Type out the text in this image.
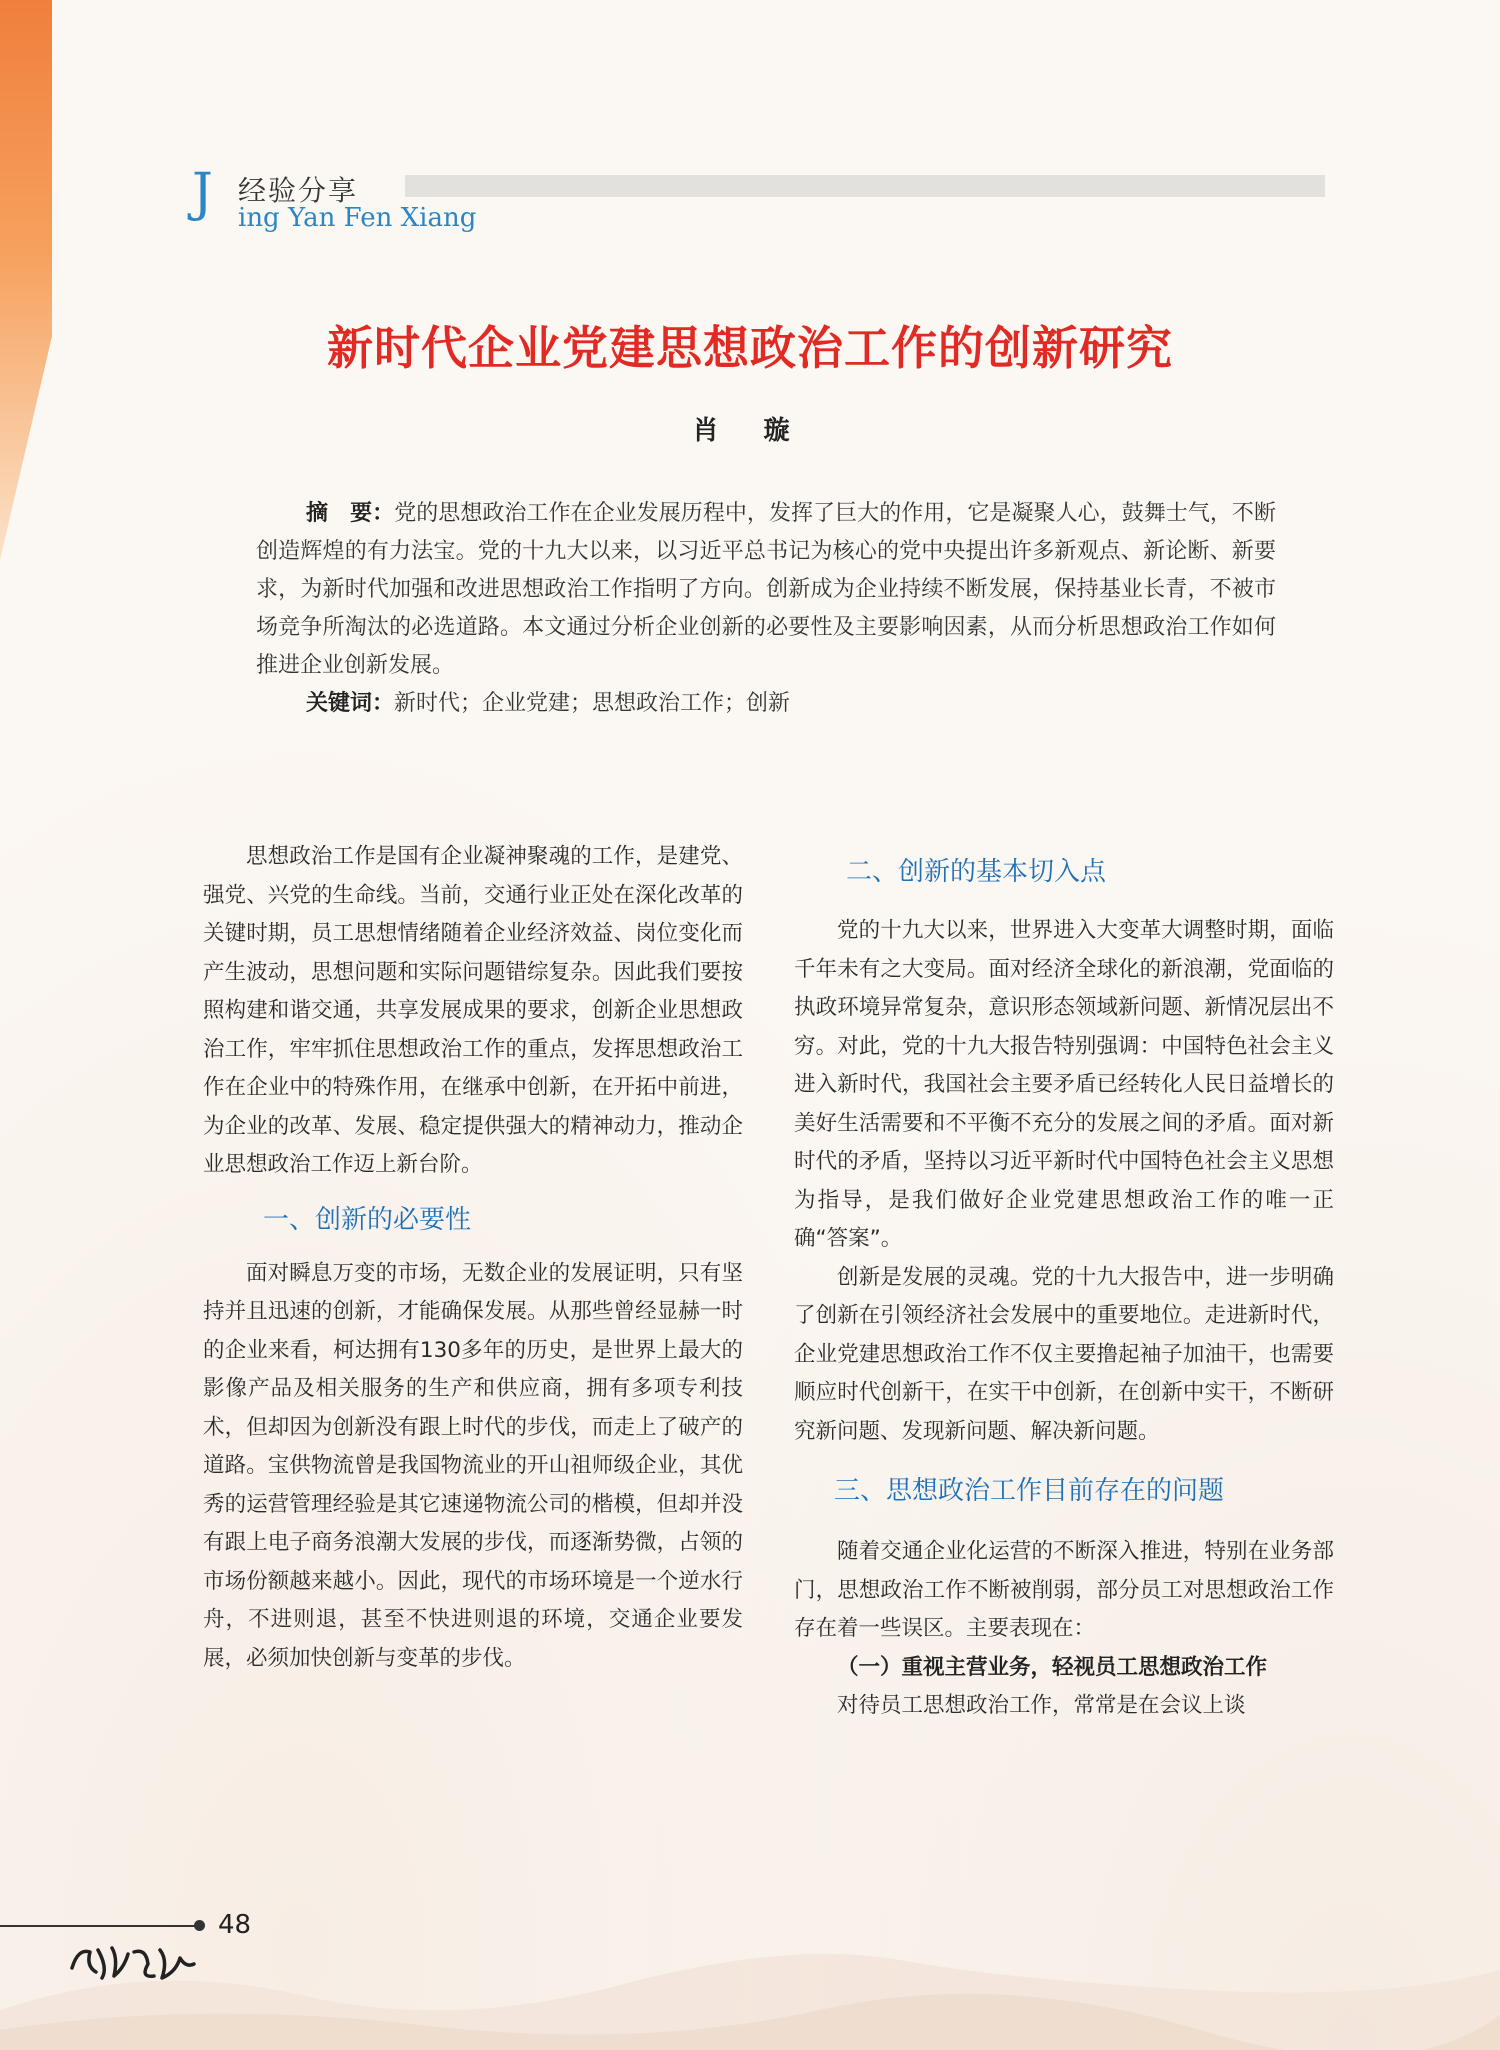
J 经验分享
ing Yan Fen Xiang
新时代企业党建思想政治工作的创新研究
肖 璇

摘　要：党的思想政治工作在企业发展历程中，发挥了巨大的作用，它是凝聚人心，鼓舞士气，不断创造辉煌的有力法宝。党的十九大以来，以习近平总书记为核心的党中央提出许多新观点、新论断、新要求，为新时代加强和改进思想政治工作指明了方向。创新成为企业持续不断发展，保持基业长青，不被市场竞争所淘汰的必选道路。本文通过分析企业创新的必要性及主要影响因素，从而分析思想政治工作如何推进企业创新发展。

关键词：新时代；企业党建；思想政治工作；创新

思想政治工作是国有企业凝神聚魂的工作，是建党、强党、兴党的生命线。当前，交通行业正处在深化改革的关键时期，员工思想情绪随着企业经济效益、岗位变化而产生波动，思想问题和实际问题错综复杂。因此我们要按照构建和谐交通，共享发展成果的要求，创新企业思想政治工作，牢牢抓住思想政治工作的重点，发挥思想政治工作在企业中的特殊作用，在继承中创新，在开拓中前进，为企业的改革、发展、稳定提供强大的精神动力，推动企业思想政治工作迈上新台阶。

一、创新的必要性

面对瞬息万变的市场，无数企业的发展证明，只有坚持并且迅速的创新，才能确保发展。从那些曾经显赫一时的企业来看，柯达拥有130多年的历史，是世界上最大的影像产品及相关服务的生产和供应商，拥有多项专利技术，但却因为创新没有跟上时代的步伐，而走上了破产的道路。宝供物流曾是我国物流业的开山祖师级企业，其优秀的运营管理经验是其它速递物流公司的楷模，但却并没有跟上电子商务浪潮大发展的步伐，而逐渐势微，占领的市场份额越来越小。因此，现代的市场环境是一个逆水行舟，不进则退，甚至不快进则退的环境，交通企业要发展，必须加快创新与变革的步伐。

二、创新的基本切入点

党的十九大以来，世界进入大变革大调整时期，面临千年未有之大变局。面对经济全球化的新浪潮，党面临的执政环境异常复杂，意识形态领域新问题、新情况层出不穷。对此，党的十九大报告特别强调：中国特色社会主义进入新时代，我国社会主要矛盾已经转化人民日益增长的美好生活需要和不平衡不充分的发展之间的矛盾。面对新时代的矛盾，坚持以习近平新时代中国特色社会主义思想为指导，是我们做好企业党建思想政治工作的唯一正确“答案”。

创新是发展的灵魂。党的十九大报告中，进一步明确了创新在引领经济社会发展中的重要地位。走进新时代，企业党建思想政治工作不仅主要撸起袖子加油干，也需要顺应时代创新干，在实干中创新，在创新中实干，不断研究新问题、发现新问题、解决新问题。

三、思想政治工作目前存在的问题

随着交通企业化运营的不断深入推进，特别在业务部门，思想政治工作不断被削弱，部分员工对思想政治工作存在着一些误区。主要表现在：

（一）重视主营业务，轻视员工思想政治工作

对待员工思想政治工作，常常是在会议上谈

48
